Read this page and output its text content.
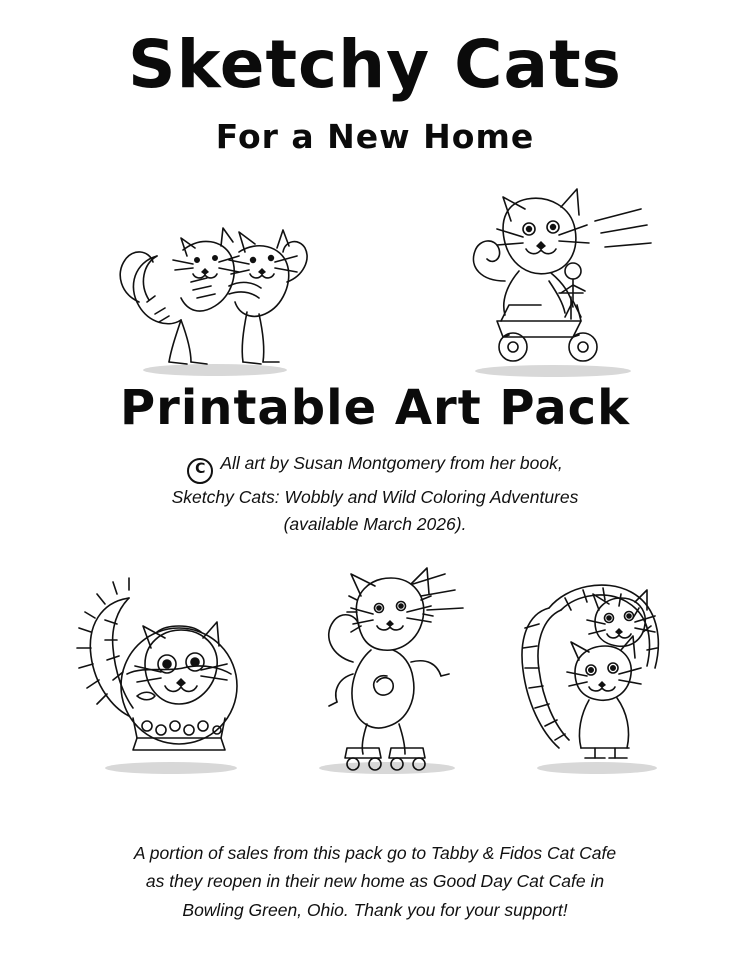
Sketchy Cats
For a New Home
Printable Art Pack
C All art by Susan Montgomery from her book,
Sketchy Cats: Wobbly and Wild Coloring Adventures
(available March 2026).
A portion of sales from this pack go to Tabby & Fidos Cat Cafe
as they reopen in their new home as Good Day Cat Cafe in
Bowling Green, Ohio. Thank you for your support!
